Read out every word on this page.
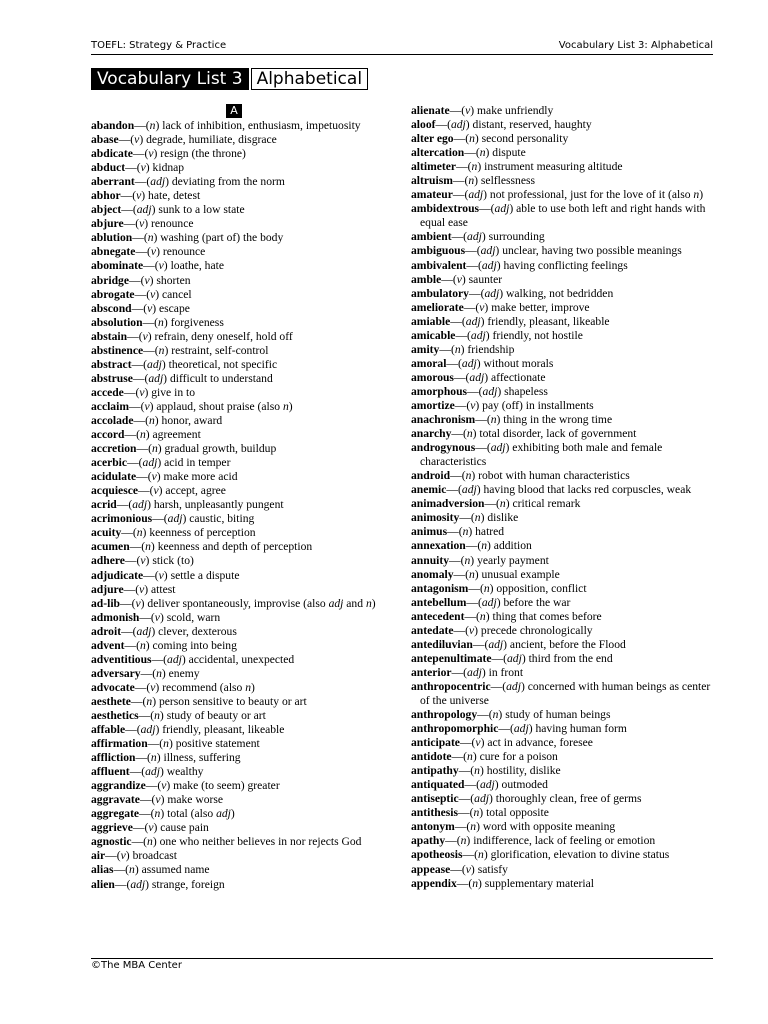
TOEFL: Strategy & Practice	Vocabulary List 3: Alphabetical
Vocabulary List 3 Alphabetical
A

abandon—(n) lack of inhibition, enthusiasm, impetuosity

abase—(v) degrade, humiliate, disgrace

abdicate—(v) resign (the throne)

abduct—(v) kidnap

aberrant—(adj) deviating from the norm

abhor—(v) hate, detest

abject—(adj) sunk to a low state

abjure—(v) renounce

ablution—(n) washing (part of) the body

abnegate—(v) renounce

abominate—(v) loathe, hate

abridge—(v) shorten

abrogate—(v) cancel

abscond—(v) escape

absolution—(n) forgiveness

abstain—(v) refrain, deny oneself, hold off

abstinence—(n) restraint, self-control

abstract—(adj) theoretical, not specific

abstruse—(adj) difficult to understand

accede—(v) give in to

acclaim—(v) applaud, shout praise (also n)

accolade—(n) honor, award

accord—(n) agreement

accretion—(n) gradual growth, buildup

acerbic—(adj) acid in temper

acidulate—(v) make more acid

acquiesce—(v) accept, agree

acrid—(adj) harsh, unpleasantly pungent

acrimonious—(adj) caustic, biting

acuity—(n) keenness of perception

acumen—(n) keenness and depth of perception

adhere—(v) stick (to)

adjudicate—(v) settle a dispute

adjure—(v) attest

ad-lib—(v) deliver spontaneously, improvise (also adj and n)

admonish—(v) scold, warn

adroit—(adj) clever, dexterous

advent—(n) coming into being

adventitious—(adj) accidental, unexpected

adversary—(n) enemy

advocate—(v) recommend (also n)

aesthete—(n) person sensitive to beauty or art

aesthetics—(n) study of beauty or art

affable—(adj) friendly, pleasant, likeable

affirmation—(n) positive statement

affliction—(n) illness, suffering

affluent—(adj) wealthy

aggrandize—(v) make (to seem) greater

aggravate—(v) make worse

aggregate—(n) total (also adj)

aggrieve—(v) cause pain

agnostic—(n) one who neither believes in nor rejects God

air—(v) broadcast

alias—(n) assumed name

alien—(adj) strange, foreign

alienate—(v) make unfriendly

aloof—(adj) distant, reserved, haughty

alter ego—(n) second personality

altercation—(n) dispute

altimeter—(n) instrument measuring altitude

altruism—(n) selflessness

amateur—(adj) not professional, just for the love of it (also n)

ambidextrous—(adj) able to use both left and right hands with equal ease

ambient—(adj) surrounding

ambiguous—(adj) unclear, having two possible meanings

ambivalent—(adj) having conflicting feelings

amble—(v) saunter

ambulatory—(adj) walking, not bedridden

ameliorate—(v) make better, improve

amiable—(adj) friendly, pleasant, likeable

amicable—(adj) friendly, not hostile

amity—(n) friendship

amoral—(adj) without morals

amorous—(adj) affectionate

amorphous—(adj) shapeless

amortize—(v) pay (off) in installments

anachronism—(n) thing in the wrong time

anarchy—(n) total disorder, lack of government

androgynous—(adj) exhibiting both male and female characteristics

android—(n) robot with human characteristics

anemic—(adj) having blood that lacks red corpuscles, weak

animadversion—(n) critical remark

animosity—(n) dislike

animus—(n) hatred

annexation—(n) addition

annuity—(n) yearly payment

anomaly—(n) unusual example

antagonism—(n) opposition, conflict

antebellum—(adj) before the war

antecedent—(n) thing that comes before

antedate—(v) precede chronologically

antediluvian—(adj) ancient, before the Flood

antepenultimate—(adj) third from the end

anterior—(adj) in front

anthropocentric—(adj) concerned with human beings as center of the universe

anthropology—(n) study of human beings

anthropomorphic—(adj) having human form

anticipate—(v) act in advance, foresee

antidote—(n) cure for a poison

antipathy—(n) hostility, dislike

antiquated—(adj) outmoded

antiseptic—(adj) thoroughly clean, free of germs

antithesis—(n) total opposite

antonym—(n) word with opposite meaning

apathy—(n) indifference, lack of feeling or emotion

apotheosis—(n) glorification, elevation to divine status

appease—(v) satisfy

appendix—(n) supplementary material

©The MBA Center
